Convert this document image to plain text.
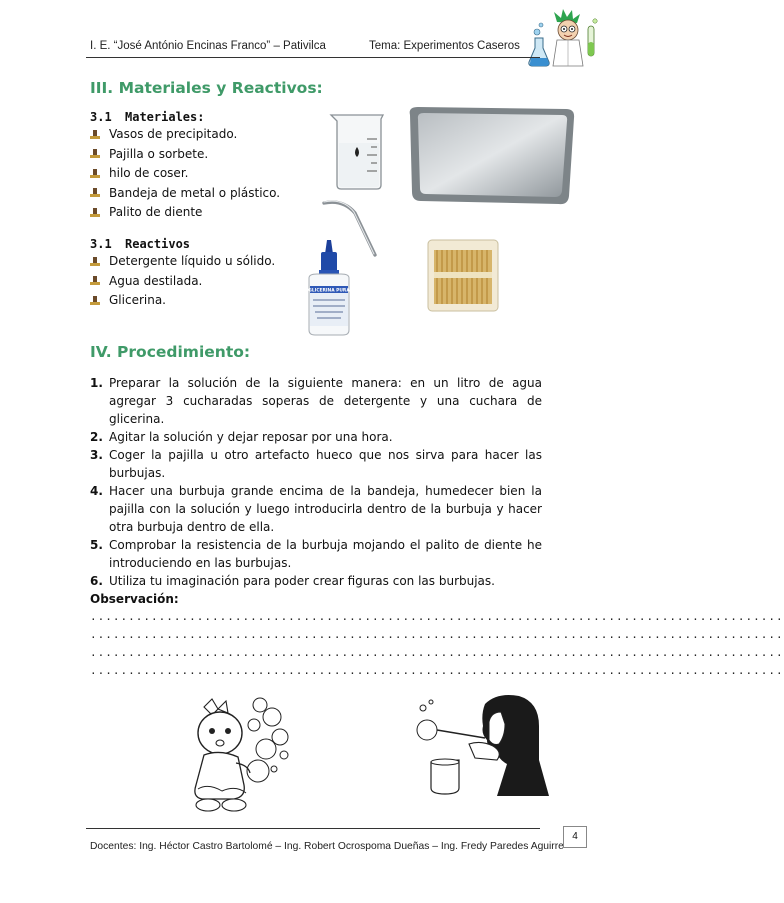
I. E. “José António Encinas Franco” – Pativilca	Tema: Experimentos Caseros
III. Materiales y Reactivos:
3.1 Materiales:
Vasos de precipitado.
Pajilla o sorbete.
hilo de coser.
Bandeja de metal o plástico.
Palito de diente
3.1 Reactivos
Detergente líquido u sólido.
Agua destilada.
Glicerina.
GLICERINA PURA
IV. Procedimiento:
1. Preparar la solución de la siguiente manera: en un litro de agua agregar 3 cucharadas soperas de detergente y una cuchara de glicerina.
2. Agitar la solución y dejar reposar por una hora.
3. Coger la pajilla u otro artefacto hueco que nos sirva para hacer las burbujas.
4. Hacer una burbuja grande encima de la bandeja, humedecer bien la pajilla con la solución y luego introducirla dentro de la burbuja y hacer otra burbuja dentro de ella.
5. Comprobar la resistencia de la burbuja mojando el palito de diente he introduciendo en las burbujas.
6. Utiliza tu imaginación para poder crear figuras con las burbujas.
Observación:
...........................................................................................
...........................................................................................
...........................................................................................
...........................................................................................
Docentes: Ing. Héctor Castro Bartolomé – Ing. Robert Ocrospoma Dueñas – Ing. Fredy Paredes Aguirre
4
